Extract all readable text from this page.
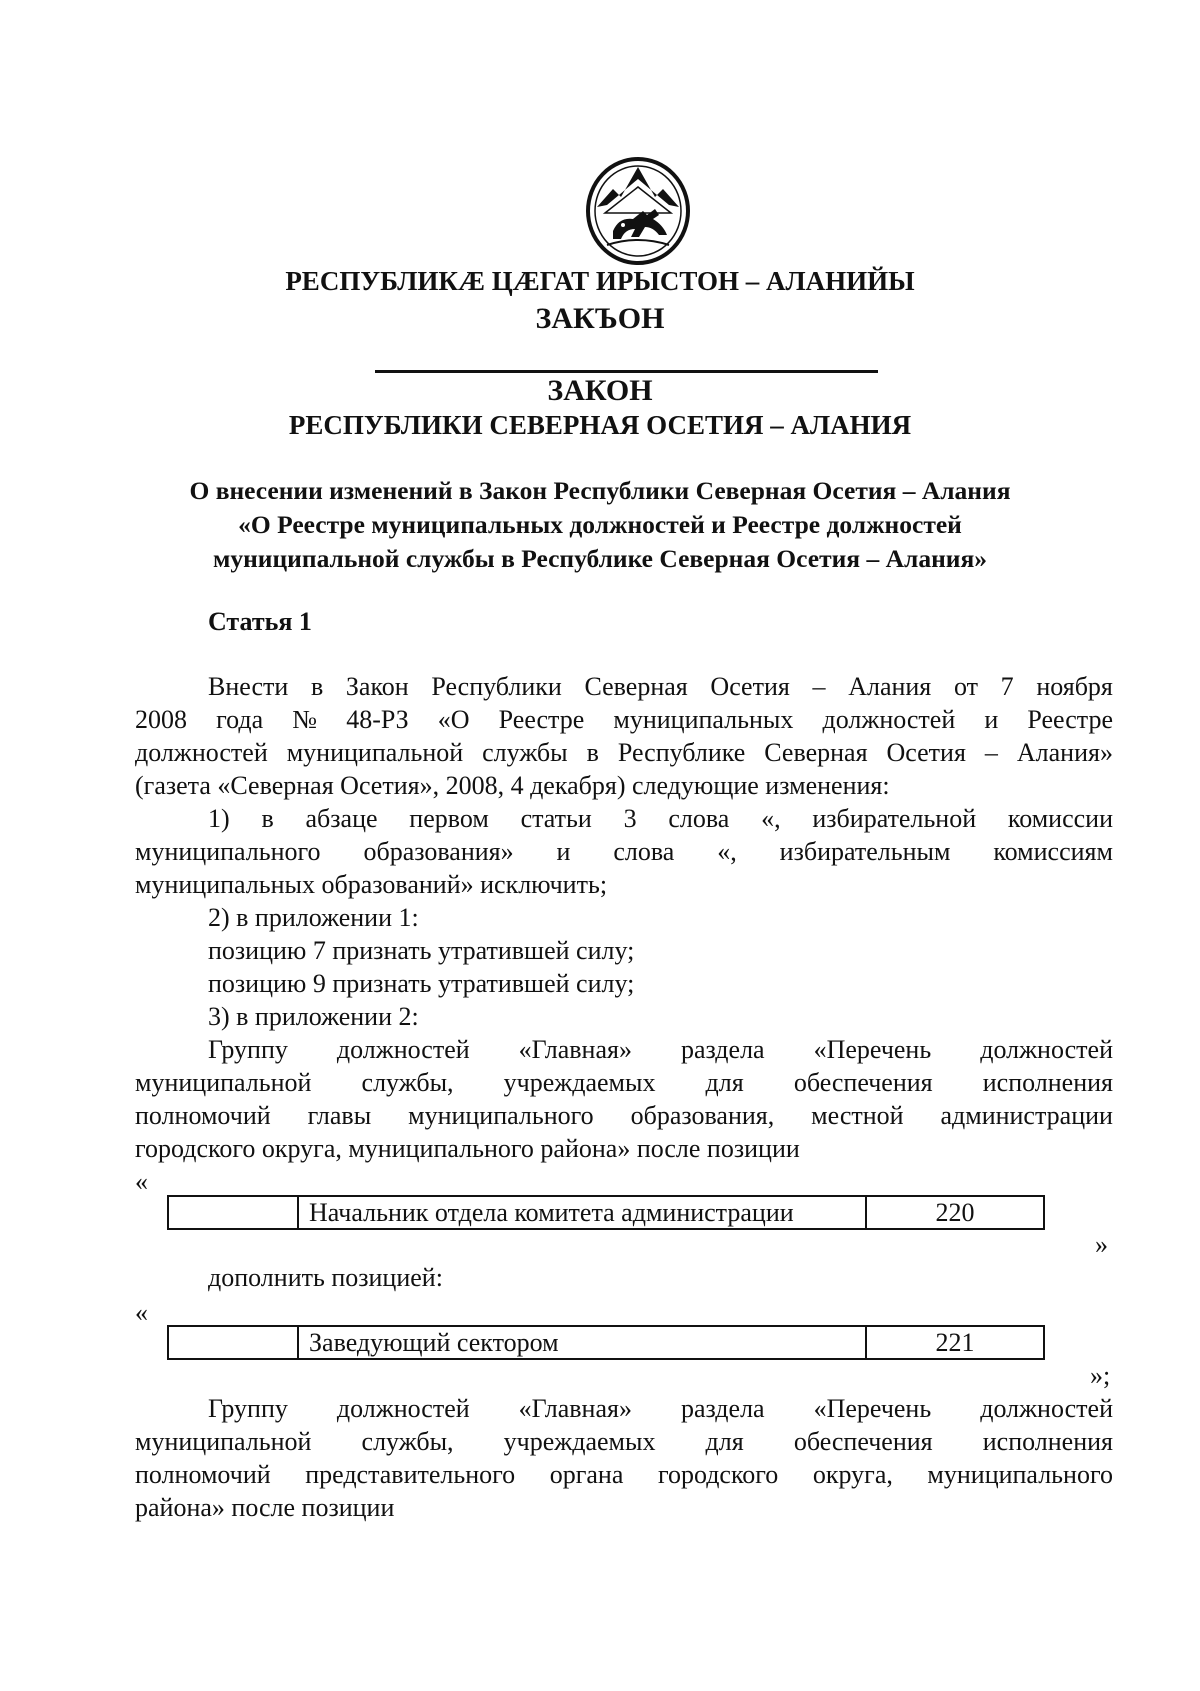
РЕСПУБЛИКÆ ЦÆГАТ ИРЫСТОН – АЛАНИЙЫ
ЗАКЪОН
ЗАКОН
РЕСПУБЛИКИ СЕВЕРНАЯ ОСЕТИЯ – АЛАНИЯ
О внесении изменений в Закон Республики Северная Осетия – Алания
«О Реестре муниципальных должностей и Реестре должностей
муниципальной службы в Республике Северная Осетия – Алания»
Статья 1
Внести в Закон Республики Северная Осетия – Алания от 7 ноября
2008 года № 48-РЗ «О Реестре муниципальных должностей и Реестре
должностей муниципальной службы в Республике Северная Осетия – Алания»
(газета «Северная Осетия», 2008, 4 декабря) следующие изменения:
1) в абзаце первом статьи 3 слова «, избирательной комиссии
муниципального образования» и слова «, избирательным комиссиям
муниципальных образований» исключить;
2) в приложении 1:
позицию 7 признать утратившей силу;
позицию 9 признать утратившей силу;
3) в приложении 2:
Группу должностей «Главная» раздела «Перечень должностей
муниципальной службы, учреждаемых для обеспечения исполнения
полномочий главы муниципального образования, местной администрации
городского округа, муниципального района» после позиции
«
	Начальник отдела комитета администрации	220
»
дополнить позицией:
«
	Заведующий сектором	221
»;
Группу должностей «Главная» раздела «Перечень должностей
муниципальной службы, учреждаемых для обеспечения исполнения
полномочий представительного органа городского округа, муниципального
района» после позиции
